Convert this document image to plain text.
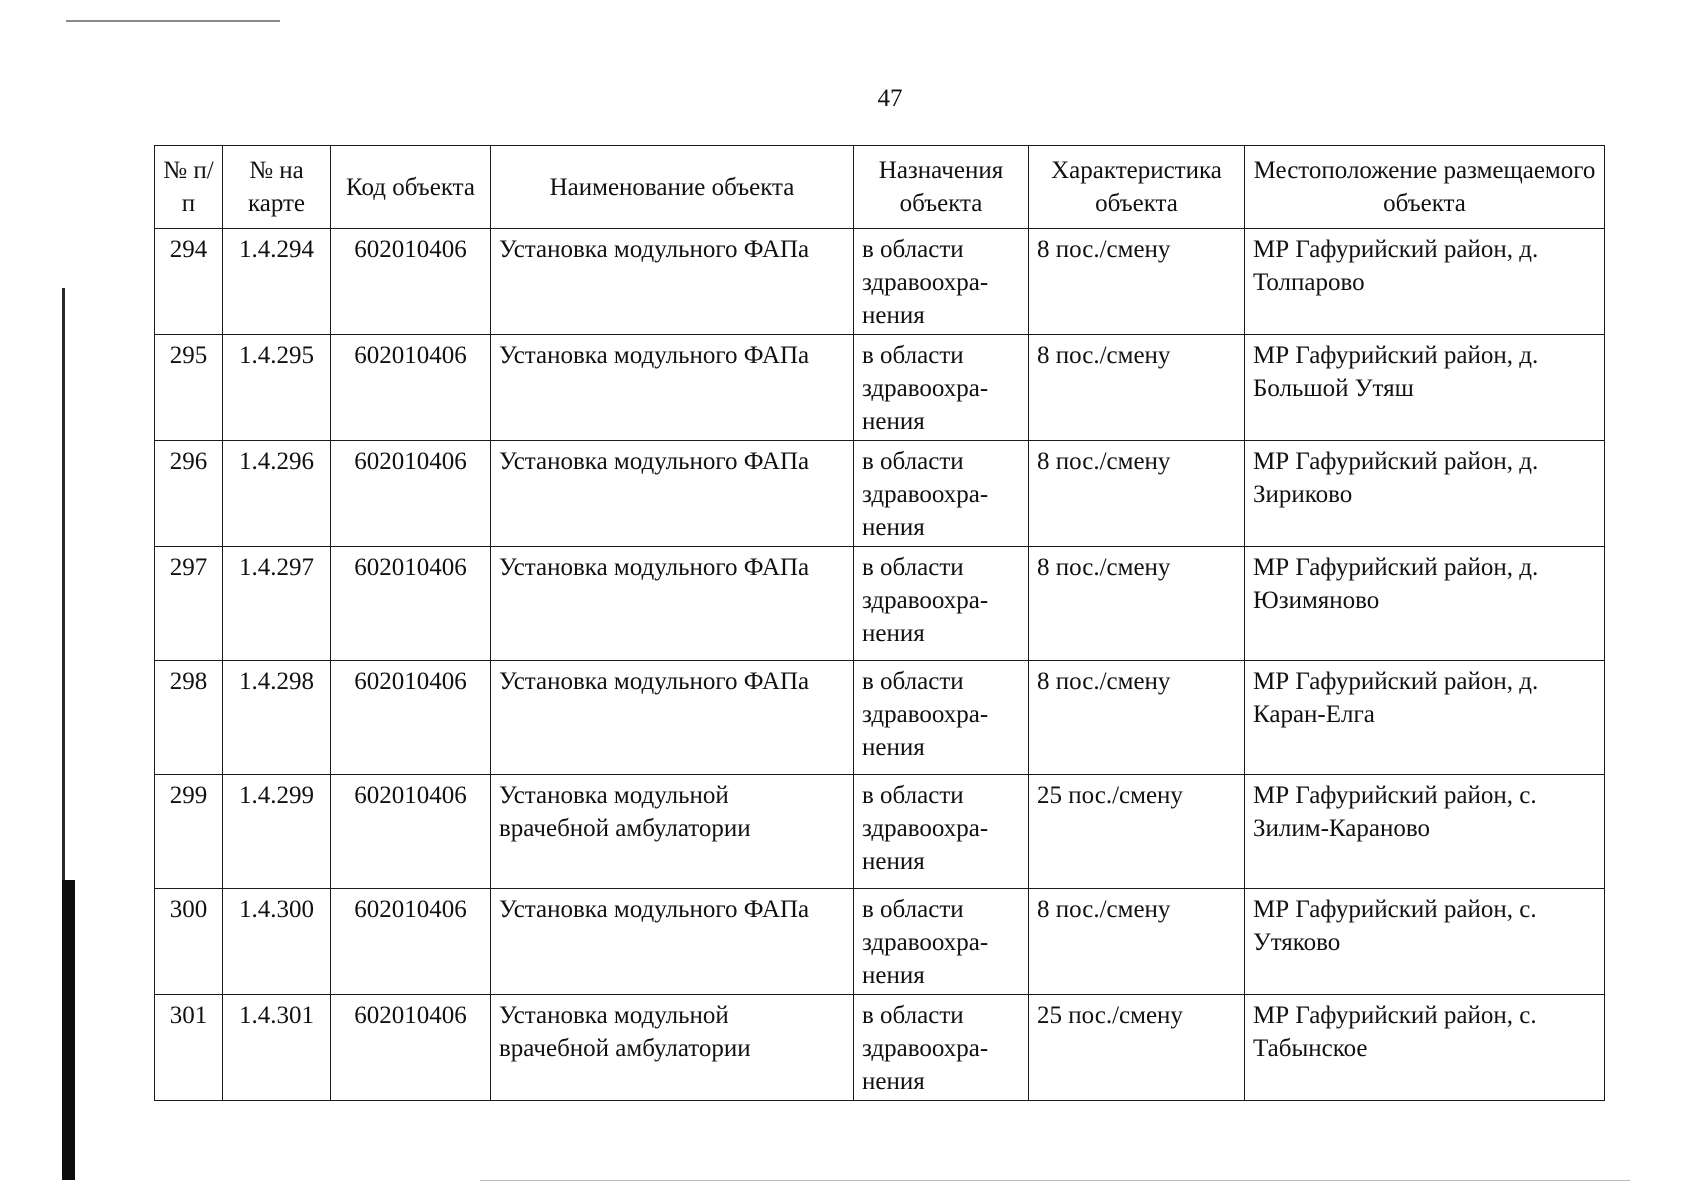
47
№ п/п	№ на карте	Код объекта	Наименование объекта	Назначения объекта	Характеристика объекта	Местоположение размещаемого объекта
294	1.4.294	602010406	Установка модульного ФАПа	в области здравоохра-нения	8 пос./смену	МР Гафурийский район, д. Толпарово
295	1.4.295	602010406	Установка модульного ФАПа	в области здравоохра-нения	8 пос./смену	МР Гафурийский район, д. Большой Утяш
296	1.4.296	602010406	Установка модульного ФАПа	в области здравоохра-нения	8 пос./смену	МР Гафурийский район, д. Зириково
297	1.4.297	602010406	Установка модульного ФАПа	в области здравоохра-нения	8 пос./смену	МР Гафурийский район, д. Юзимяново
298	1.4.298	602010406	Установка модульного ФАПа	в области здравоохра-нения	8 пос./смену	МР Гафурийский район, д. Каран-Елга
299	1.4.299	602010406	Установка модульной врачебной амбулатории	в области здравоохра-нения	25 пос./смену	МР Гафурийский район, с. Зилим-Караново
300	1.4.300	602010406	Установка модульного ФАПа	в области здравоохра-нения	8 пос./смену	МР Гафурийский район, с. Утяково
301	1.4.301	602010406	Установка модульной врачебной амбулатории	в области здравоохра-нения	25 пос./смену	МР Гафурийский район, с. Табынское
